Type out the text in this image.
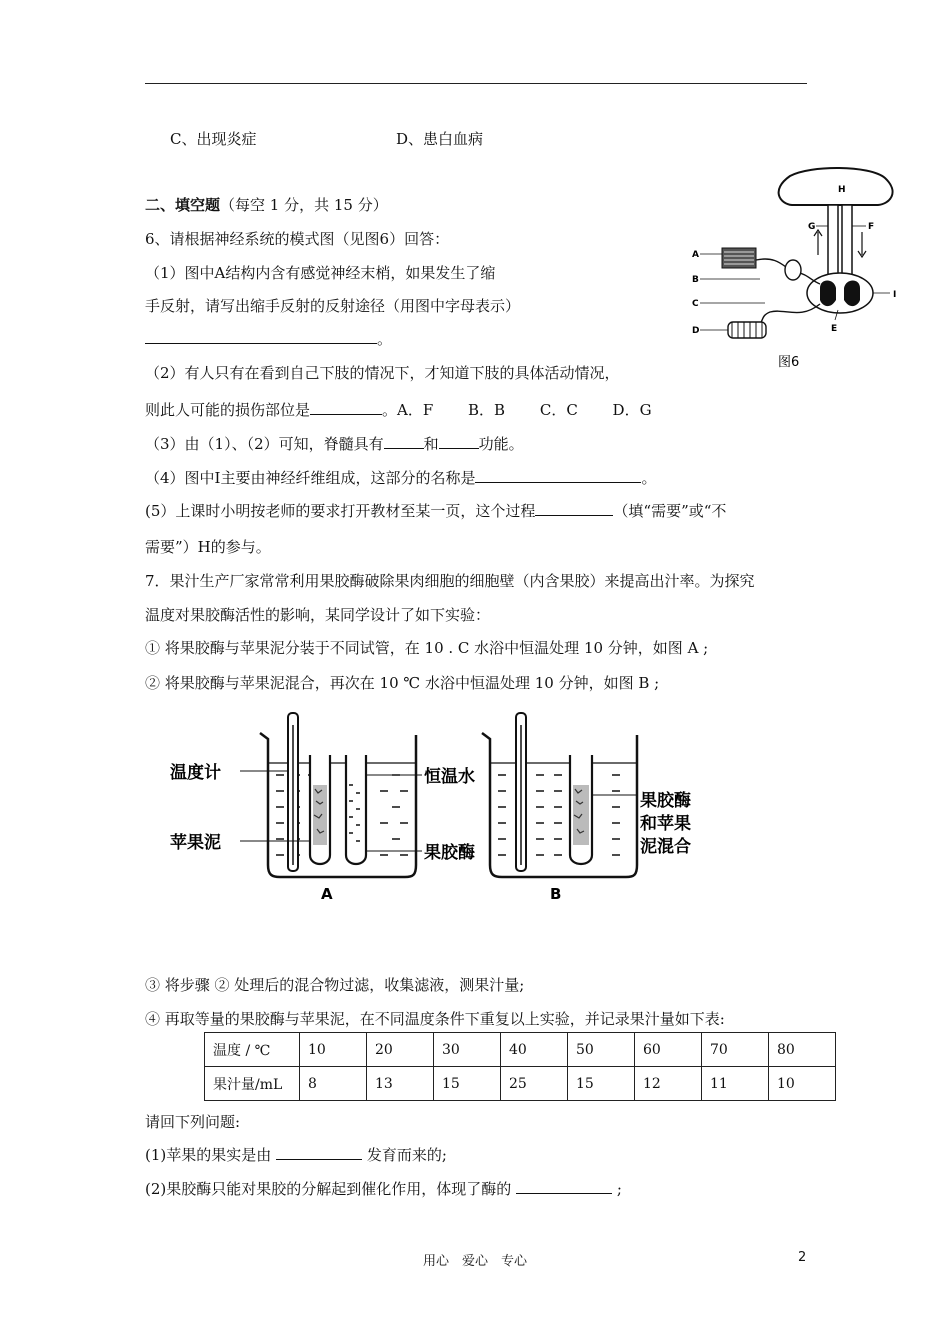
C、出现炎症	D、患白血病
二、填空题（每空 1 分，共 15 分）
6、请根据神经系统的模式图（见图6）回答：
（1）图中A结构内含有感觉神经末梢，如果发生了缩
手反射，请写出缩手反射的反射途径（用图中字母表示）
。
（2）有人只有在看到自己下肢的情况下，才知道下肢的具体活动情况，
则此人可能的损伤部位是	。A．F　　 B．B　　 C．C　　 D．G
（3）由（1）、（2）可知，脊髓具有	和	功能。
（4）图中I主要由神经纤维组成，这部分的名称是	。
(5）上课时小明按老师的要求打开教材至某一页，这个过程	（填“需要”或“不
需要”）H的参与。
H
G	F
I
E
A
B
C
D
图6
7．果汁生产厂家常常利用果胶酶破除果肉细胞的细胞壁（内含果胶）来提高出汁率。为探究
温度对果胶酶活性的影响，某同学设计了如下实验：
① 将果胶酶与苹果泥分装于不同试管，在 10 . C 水浴中恒温处理 10 分钟，如图 A ;
② 将果胶酶与苹果泥混合，再次在 10 ℃ 水浴中恒温处理 10 分钟，如图 B ;
温度计
苹果泥
恒温水
果胶酶
A
果胶酶
和苹果
泥混合
B
③ 将步骤 ② 处理后的混合物过滤，收集滤液，测果汁量;
④ 再取等量的果胶酶与苹果泥，在不同温度条件下重复以上实验，并记录果汁量如下表:
温度 / ℃	10	20	30	40	50	60	70	80
果汁量/mL	8	13	15	25	15	12	11	10
请回下列问题:
(1)苹果的果实是由	发育而来的;
(2)果胶酶只能对果胶的分解起到催化作用，体现了酶的	;
用心　爱心　专心	2
